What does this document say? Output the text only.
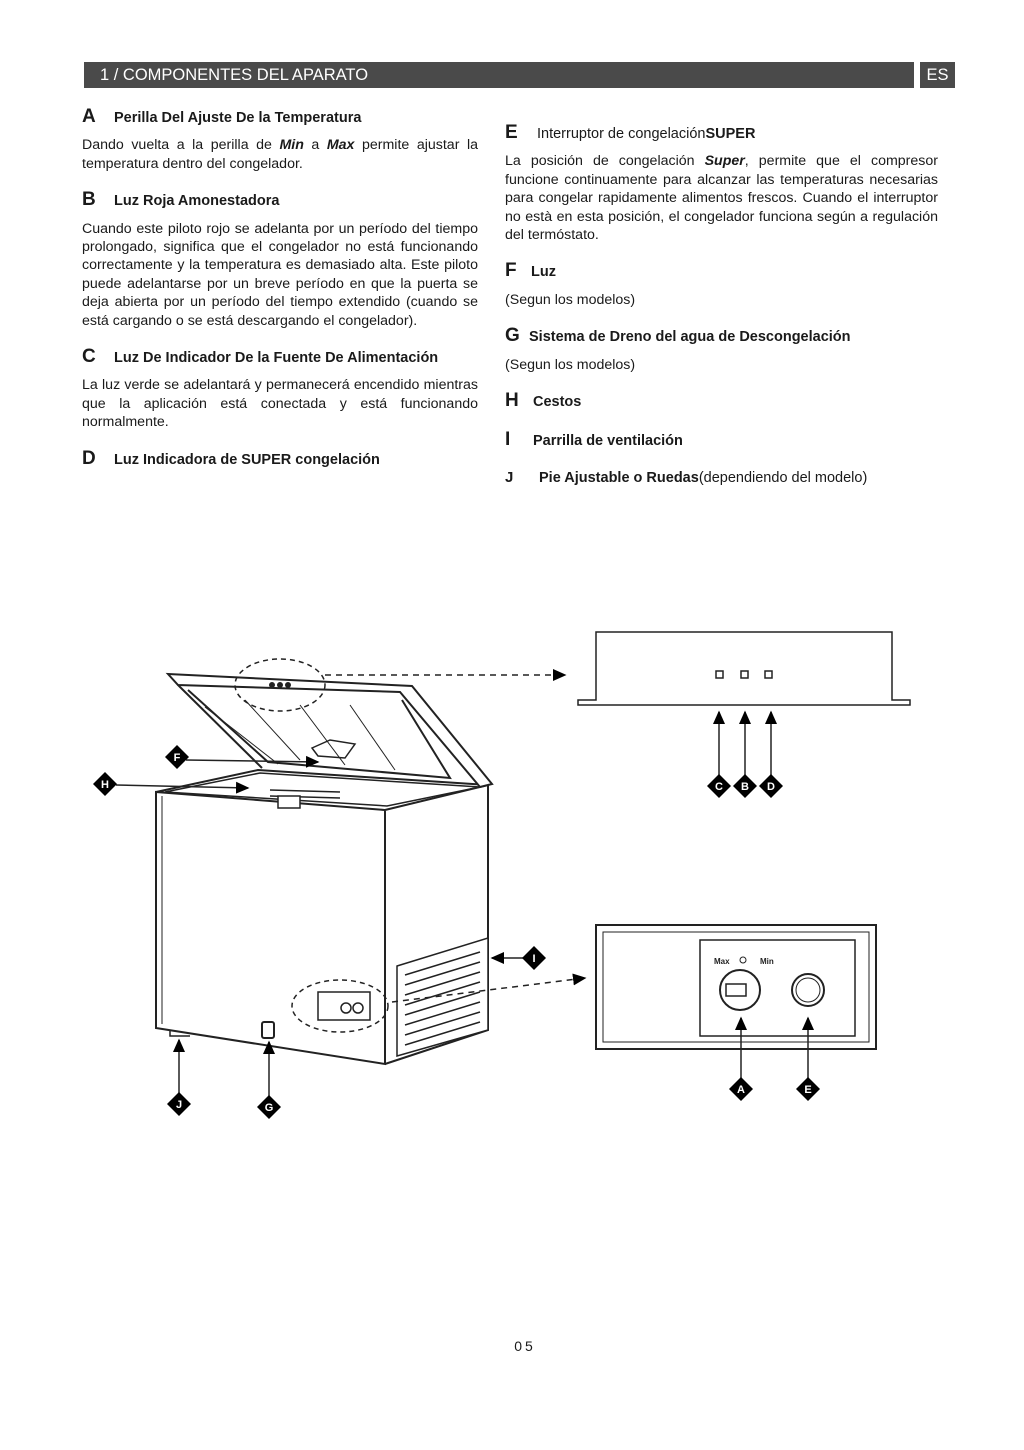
1 / COMPONENTES DEL APARATO	ES
A	Perilla Del Ajuste De la Temperatura

Dando vuelta a la perilla de Min a Max permite ajustar la temperatura dentro del congelador.

B	Luz Roja Amonestadora

Cuando este piloto rojo se adelanta por un período del tiempo prolongado, significa que el congelador no está funcionando correctamente y la temperatura es demasiado alta. Este piloto puede adelantarse por un breve período en que la puerta se deja abierta por un período del tiempo extendido (cuando se está cargando o se está descargando el congelador).

C	Luz De Indicador De la Fuente De Alimentación

La luz verde se adelantará y permanecerá encendido mientras que la aplicación está conectada y está funcionando normalmente.

D	Luz Indicadora de SUPER congelación
E	Interruptor de congelación SUPER

La posición de congelación Super, permite que el compresor funcione continuamente para alcanzar las temperaturas necesarias para congelar rapidamente alimentos frescos. Cuando el interruptor no està en esta posición, el congelador funciona según a regulación del termóstato.

F Luz

(Segun los modelos)

G Sistema de Dreno del agua de Descongelación

(Segun los modelos)

H Cestos
I	Parrilla de ventilación
J	Pie Ajustable o Ruedas (dependiendo del modelo)
Max	Min
C B D
A	E
F
H
I
J	G
05
